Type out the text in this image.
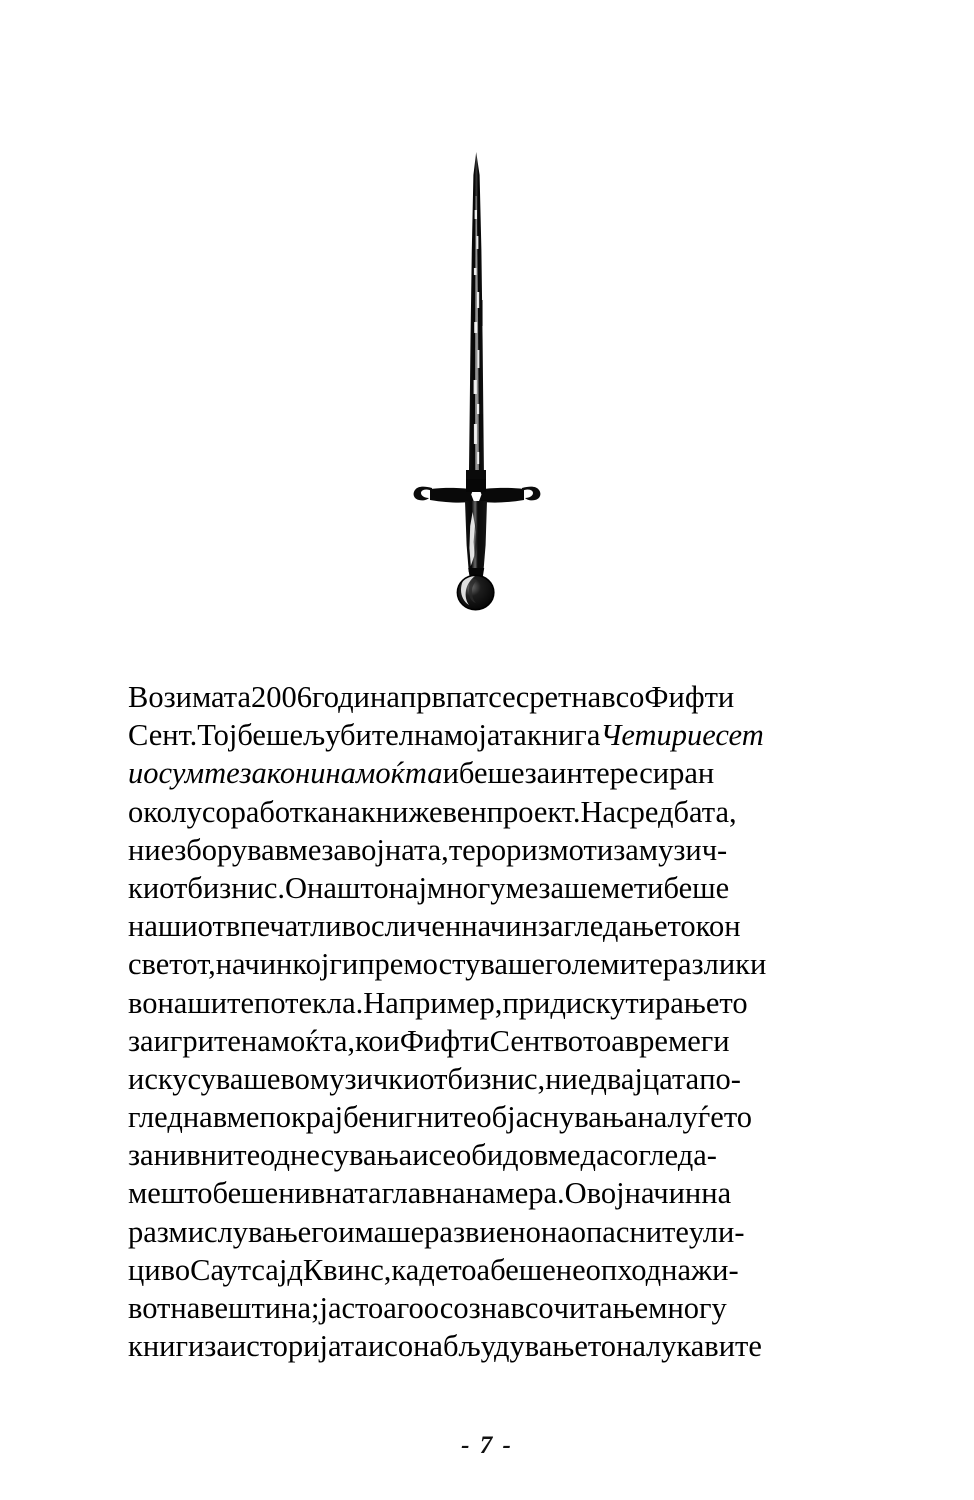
Во зимата 2006 година првпат се сретнав со Фифти
Сент. Тој беше љубител на мојата книга Четириесет
и осумте закони на моќта и беше заинтересиран
околу соработка на книжевен проект. На средбата,
ние зборувавме за војната, тероризмот и за музич-
киот бизнис. Она што најмногу ме зашемети беше
нашиот впечатливо сличен начин за гледањето кон
светот, начин кој ги премостуваше големите разлики
во нашите потекла. На пример, при дискутирањето
за игрите на моќта, кои Фифти Сент во тоа време ги
искусуваше во музичкиот бизнис, ние двајцата по-
гледнавме покрај бенигните објаснувања на луѓето
за нивните однесувања и се обидовме да согледа-
ме што беше нивната главна намера. Овој начин на
размислување го имаше развиено на опасните ули-
ци во Саутсајд Квинс, каде тоа беше неопходна жи-
вотна вештина; јас тоа го осознав со читање многу
книги за историјата и со набљудувањето на лукавите
- 7 -
